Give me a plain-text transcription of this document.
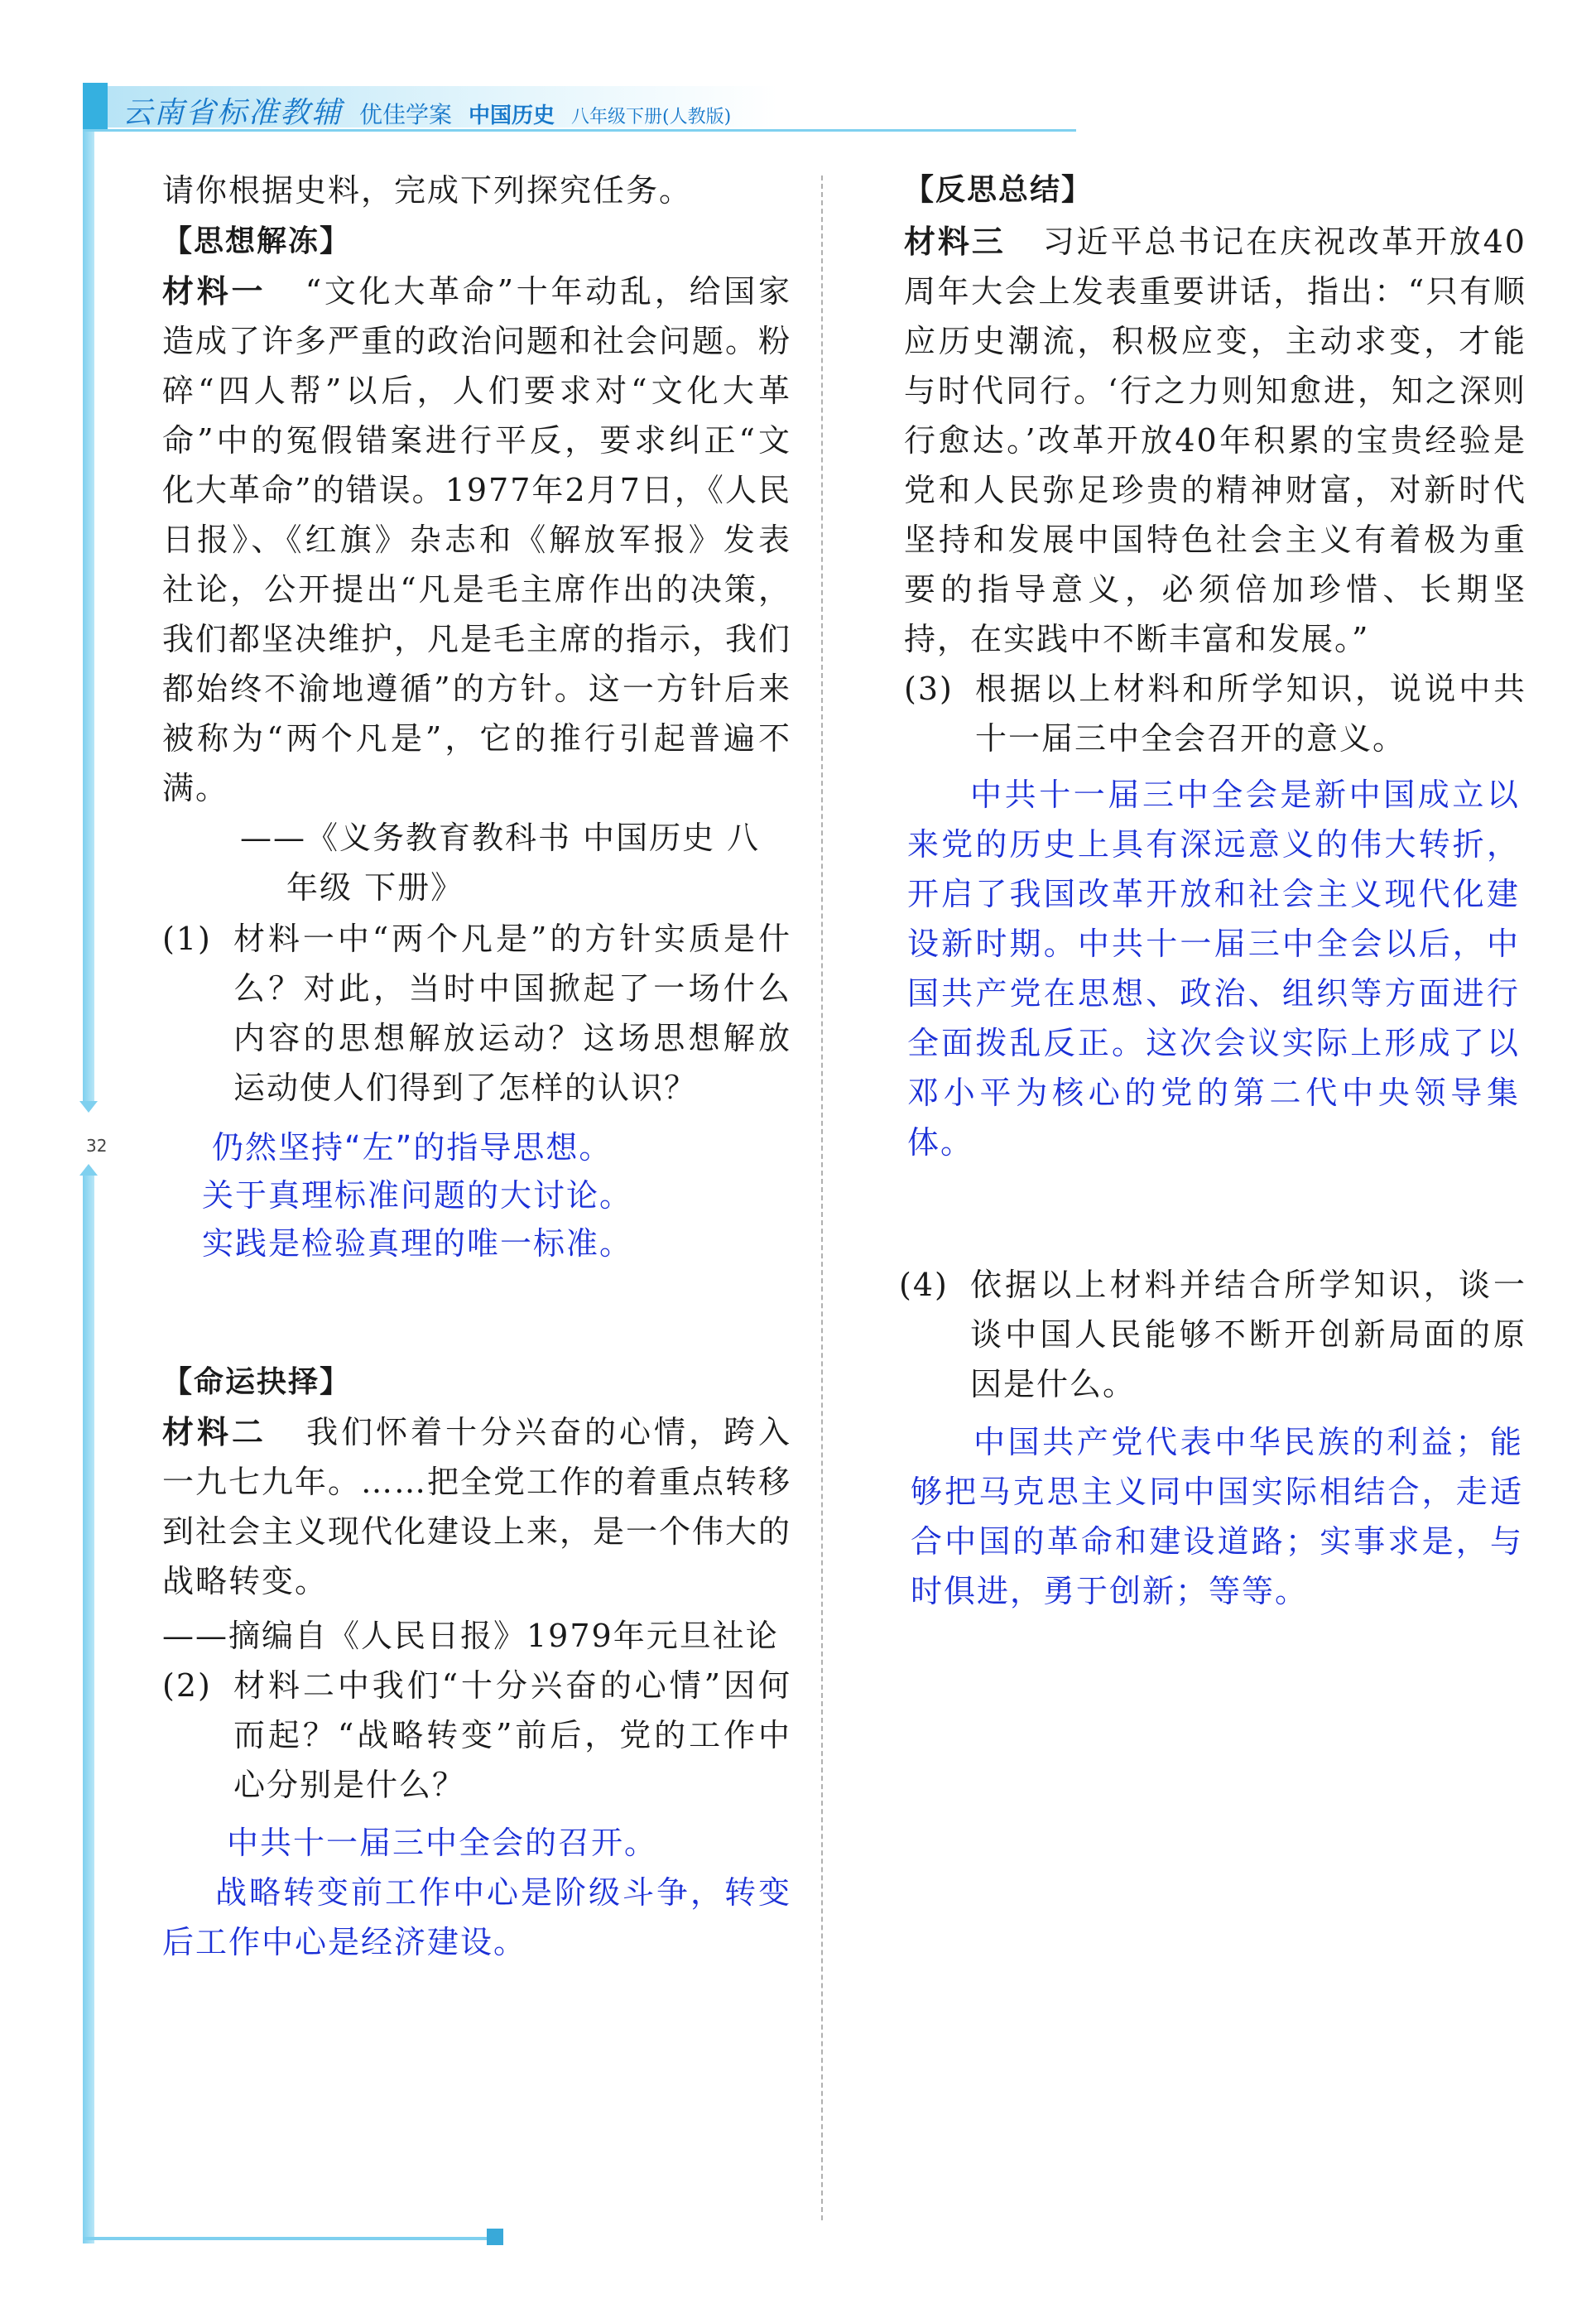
云南省标准教辅 优佳学案 中国历史 八年级下册(人教版)
32
请你根据史料，完成下列探究任务。
【思想解冻】
材料一 “文化大革命”十年动乱，给国家造成了许多严重的政治问题和社会问题。粉碎“四人帮”以后，人们要求对“文化大革命”中的冤假错案进行平反，要求纠正“文化大革命”的错误。1977年2月7日，《人民日报》、《红旗》杂志和《解放军报》发表社论，公开提出“凡是毛主席作出的决策，我们都坚决维护，凡是毛主席的指示，我们都始终不渝地遵循”的方针。这一方针后来被称为“两个凡是”，它的推行引起普遍不满。
——《义务教育教科书 中国历史 八年级 下册》
(1) 材料一中“两个凡是”的方针实质是什么？对此，当时中国掀起了一场什么内容的思想解放运动？这场思想解放运动使人们得到了怎样的认识？
仍然坚持“左”的指导思想。
关于真理标准问题的大讨论。
实践是检验真理的唯一标准。
【命运抉择】
材料二 我们怀着十分兴奋的心情，跨入一九七九年。……把全党工作的着重点转移到社会主义现代化建设上来，是一个伟大的战略转变。
——摘编自《人民日报》1979年元旦社论
(2) 材料二中我们“十分兴奋的心情”因何而起？“战略转变”前后，党的工作中心分别是什么？
中共十一届三中全会的召开。
战略转变前工作中心是阶级斗争，转变后工作中心是经济建设。
【反思总结】
材料三 习近平总书记在庆祝改革开放40周年大会上发表重要讲话，指出：“只有顺应历史潮流，积极应变，主动求变，才能与时代同行。‘行之力则知愈进，知之深则行愈达。’改革开放40年积累的宝贵经验是党和人民弥足珍贵的精神财富，对新时代坚持和发展中国特色社会主义有着极为重要的指导意义，必须倍加珍惜、长期坚持，在实践中不断丰富和发展。”
(3) 根据以上材料和所学知识，说说中共十一届三中全会召开的意义。
中共十一届三中全会是新中国成立以来党的历史上具有深远意义的伟大转折，开启了我国改革开放和社会主义现代化建设新时期。中共十一届三中全会以后，中国共产党在思想、政治、组织等方面进行全面拨乱反正。这次会议实际上形成了以邓小平为核心的党的第二代中央领导集体。
(4) 依据以上材料并结合所学知识，谈一谈中国人民能够不断开创新局面的原因是什么。
中国共产党代表中华民族的利益；能够把马克思主义同中国实际相结合，走适合中国的革命和建设道路；实事求是，与时俱进，勇于创新；等等。
